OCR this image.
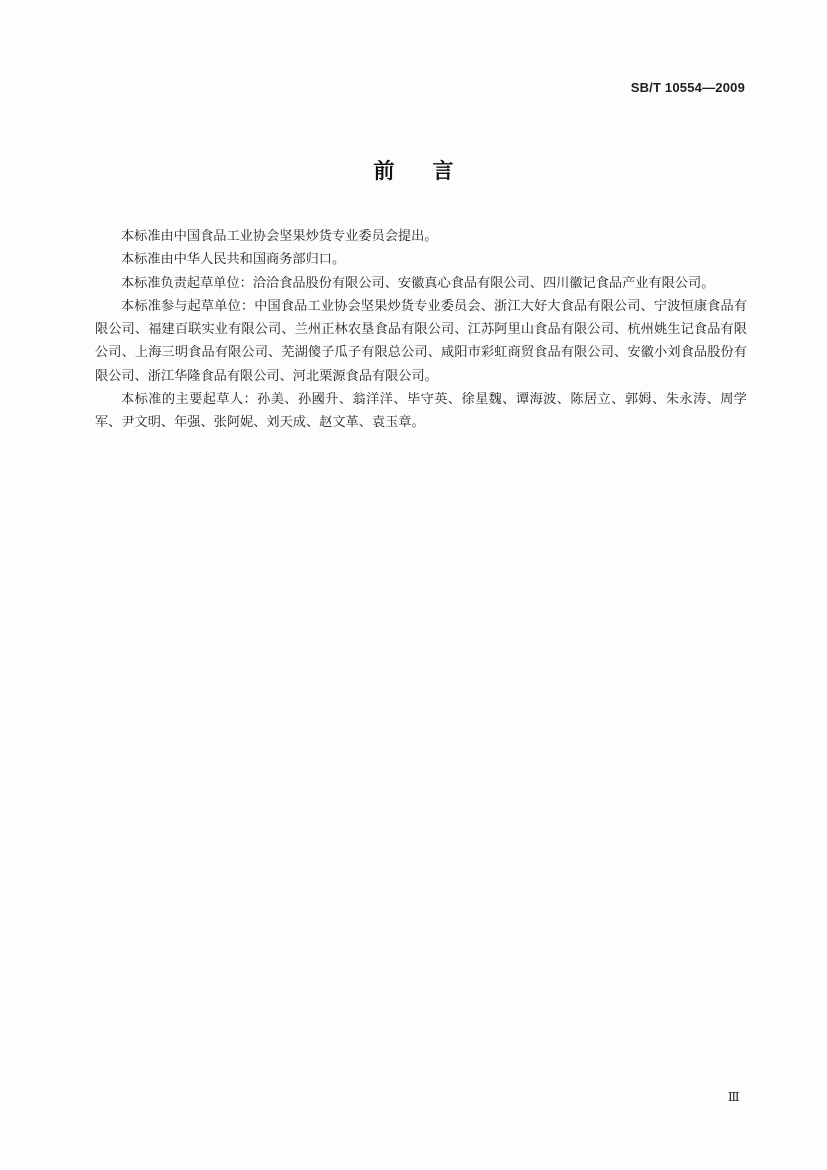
SB/T 10554—2009
前言

本标准由中国食品工业协会坚果炒货专业委员会提出。

本标准由中华人民共和国商务部归口。

本标准负责起草单位：洽洽食品股份有限公司、安徽真心食品有限公司、四川徽记食品产业有限公司。

本标准参与起草单位：中国食品工业协会坚果炒货专业委员会、浙江大好大食品有限公司、宁波恒康食品有限公司、福建百联实业有限公司、兰州正林农垦食品有限公司、江苏阿里山食品有限公司、杭州姚生记食品有限公司、上海三明食品有限公司、芜湖傻子瓜子有限总公司、咸阳市彩虹商贸食品有限公司、安徽小刘食品股份有限公司、浙江华隆食品有限公司、河北栗源食品有限公司。

本标准的主要起草人：孙美、孙國升、翁洋洋、毕守英、徐星魏、谭海波、陈居立、郭姆、朱永涛、周学军、尹文明、年强、张阿妮、刘天成、赵文革、袁玉章。

Ⅲ
